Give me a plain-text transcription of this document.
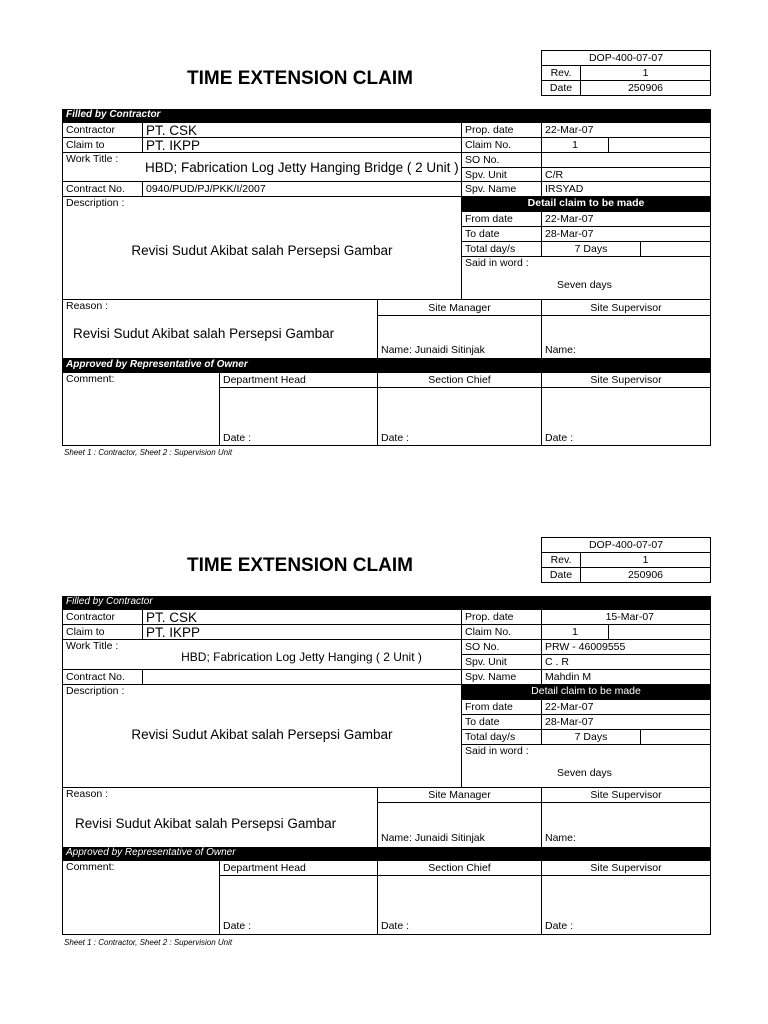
DOP-400-07-07	
Rev.	1
Date	250906
TIME EXTENSION CLAIM
Filled by Contractor
Contractor	PT. CSK
Claim to	PT. IKPP
Work Title :
HBD; Fabrication Log Jetty Hanging Bridge ( 2 Unit )
Contract No.	0940/PUD/PJ/PKK/I/2007
Description :
Revisi Sudut Akibat salah Persepsi Gambar
Prop. date	22-Mar-07
Claim No.	1
SO No.
Spv. Unit	C/R
Spv. Name	IRSYAD
Detail claim to be made
From date	22-Mar-07
To date	28-Mar-07
Total day/s	7 Days
Said in word :
Seven days
Reason :
Revisi Sudut Akibat salah Persepsi Gambar
Site Manager	Site Supervisor
Name: Junaidi Sitinjak	Name:
Approved by Representative of Owner
Comment:	Department Head	Section Chief	Site Supervisor
Date :	Date :	Date :
Sheet 1 : Contractor, Sheet 2 : Supervision Unit
DOP-400-07-07	
Rev.	1
Date	250906
TIME EXTENSION CLAIM
Filled by Contractor
Contractor	PT. CSK
Claim to	PT. IKPP
Work Title :
HBD; Fabrication Log Jetty Hanging ( 2 Unit )
Contract No.
Description :
Revisi Sudut Akibat salah Persepsi Gambar
Prop. date	15-Mar-07
Claim No.	1
SO No.	PRW - 46009555
Spv. Unit	C . R
Spv. Name	Mahdin M
Detail claim to be made
From date	22-Mar-07
To date	28-Mar-07
Total day/s	7 Days
Said in word :
Seven days
Reason :
Revisi Sudut Akibat salah Persepsi Gambar
Site Manager	Site Supervisor
Name: Junaidi Sitinjak	Name:
Approved by Representative of Owner
Comment:	Department Head	Section Chief	Site Supervisor
Date :	Date :	Date :
Sheet 1 : Contractor, Sheet 2 : Supervision Unit
